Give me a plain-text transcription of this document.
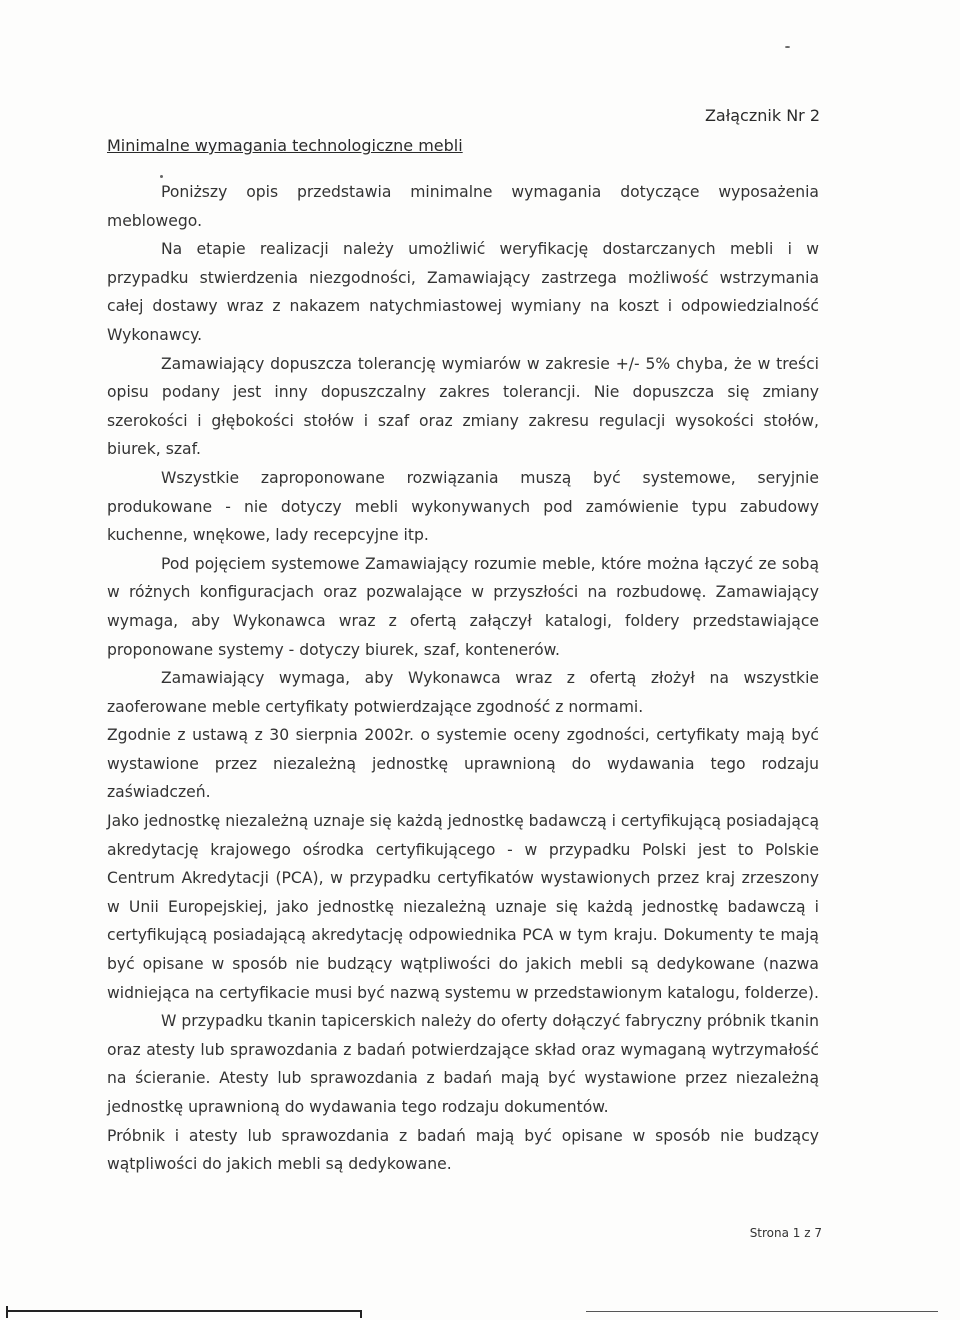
Załącznik Nr 2
Minimalne wymagania technologiczne mebli

Poniższy opis przedstawia minimalne wymagania dotyczące wyposażenia meblowego.

Na etapie realizacji należy umożliwić weryfikację dostarczanych mebli i w przypadku stwierdzenia niezgodności, Zamawiający zastrzega możliwość wstrzymania całej dostawy wraz z nakazem natychmiastowej wymiany na koszt i odpowiedzialność Wykonawcy.

Zamawiający dopuszcza tolerancję wymiarów w zakresie +/- 5% chyba, że w treści opisu podany jest inny dopuszczalny zakres tolerancji. Nie dopuszcza się zmiany szerokości i głębokości stołów i szaf oraz zmiany zakresu regulacji wysokości stołów, biurek, szaf.

Wszystkie zaproponowane rozwiązania muszą być systemowe, seryjnie produkowane - nie dotyczy mebli wykonywanych pod zamówienie typu zabudowy kuchenne, wnękowe, lady recepcyjne itp.

Pod pojęciem systemowe Zamawiający rozumie meble, które można łączyć ze sobą w różnych konfiguracjach oraz pozwalające w przyszłości na rozbudowę. Zamawiający wymaga, aby Wykonawca wraz z ofertą załączył katalogi, foldery przedstawiające proponowane systemy - dotyczy biurek, szaf, kontenerów.

Zamawiający wymaga, aby Wykonawca wraz z ofertą złożył na wszystkie zaoferowane meble certyfikaty potwierdzające zgodność z normami.

Zgodnie z ustawą z 30 sierpnia 2002r. o systemie oceny zgodności, certyfikaty mają być wystawione przez niezależną jednostkę uprawnioną do wydawania tego rodzaju zaświadczeń.

Jako jednostkę niezależną uznaje się każdą jednostkę badawczą i certyfikującą posiadającą akredytację krajowego ośrodka certyfikującego - w przypadku Polski jest to Polskie Centrum Akredytacji (PCA), w przypadku certyfikatów wystawionych przez kraj zrzeszony w Unii Europejskiej, jako jednostkę niezależną uznaje się każdą jednostkę badawczą i certyfikującą posiadającą akredytację odpowiednika PCA w tym kraju. Dokumenty te mają być opisane w sposób nie budzący wątpliwości do jakich mebli są dedykowane (nazwa widniejąca na certyfikacie musi być nazwą systemu w przedstawionym katalogu, folderze).

W przypadku tkanin tapicerskich należy do oferty dołączyć fabryczny próbnik tkanin oraz atesty lub sprawozdania z badań potwierdzające skład oraz wymaganą wytrzymałość na ścieranie. Atesty lub sprawozdania z badań mają być wystawione przez niezależną jednostkę uprawnioną do wydawania tego rodzaju dokumentów.

Próbnik i atesty lub sprawozdania z badań mają być opisane w sposób nie budzący wątpliwości do jakich mebli są dedykowane.

Strona 1 z 7
